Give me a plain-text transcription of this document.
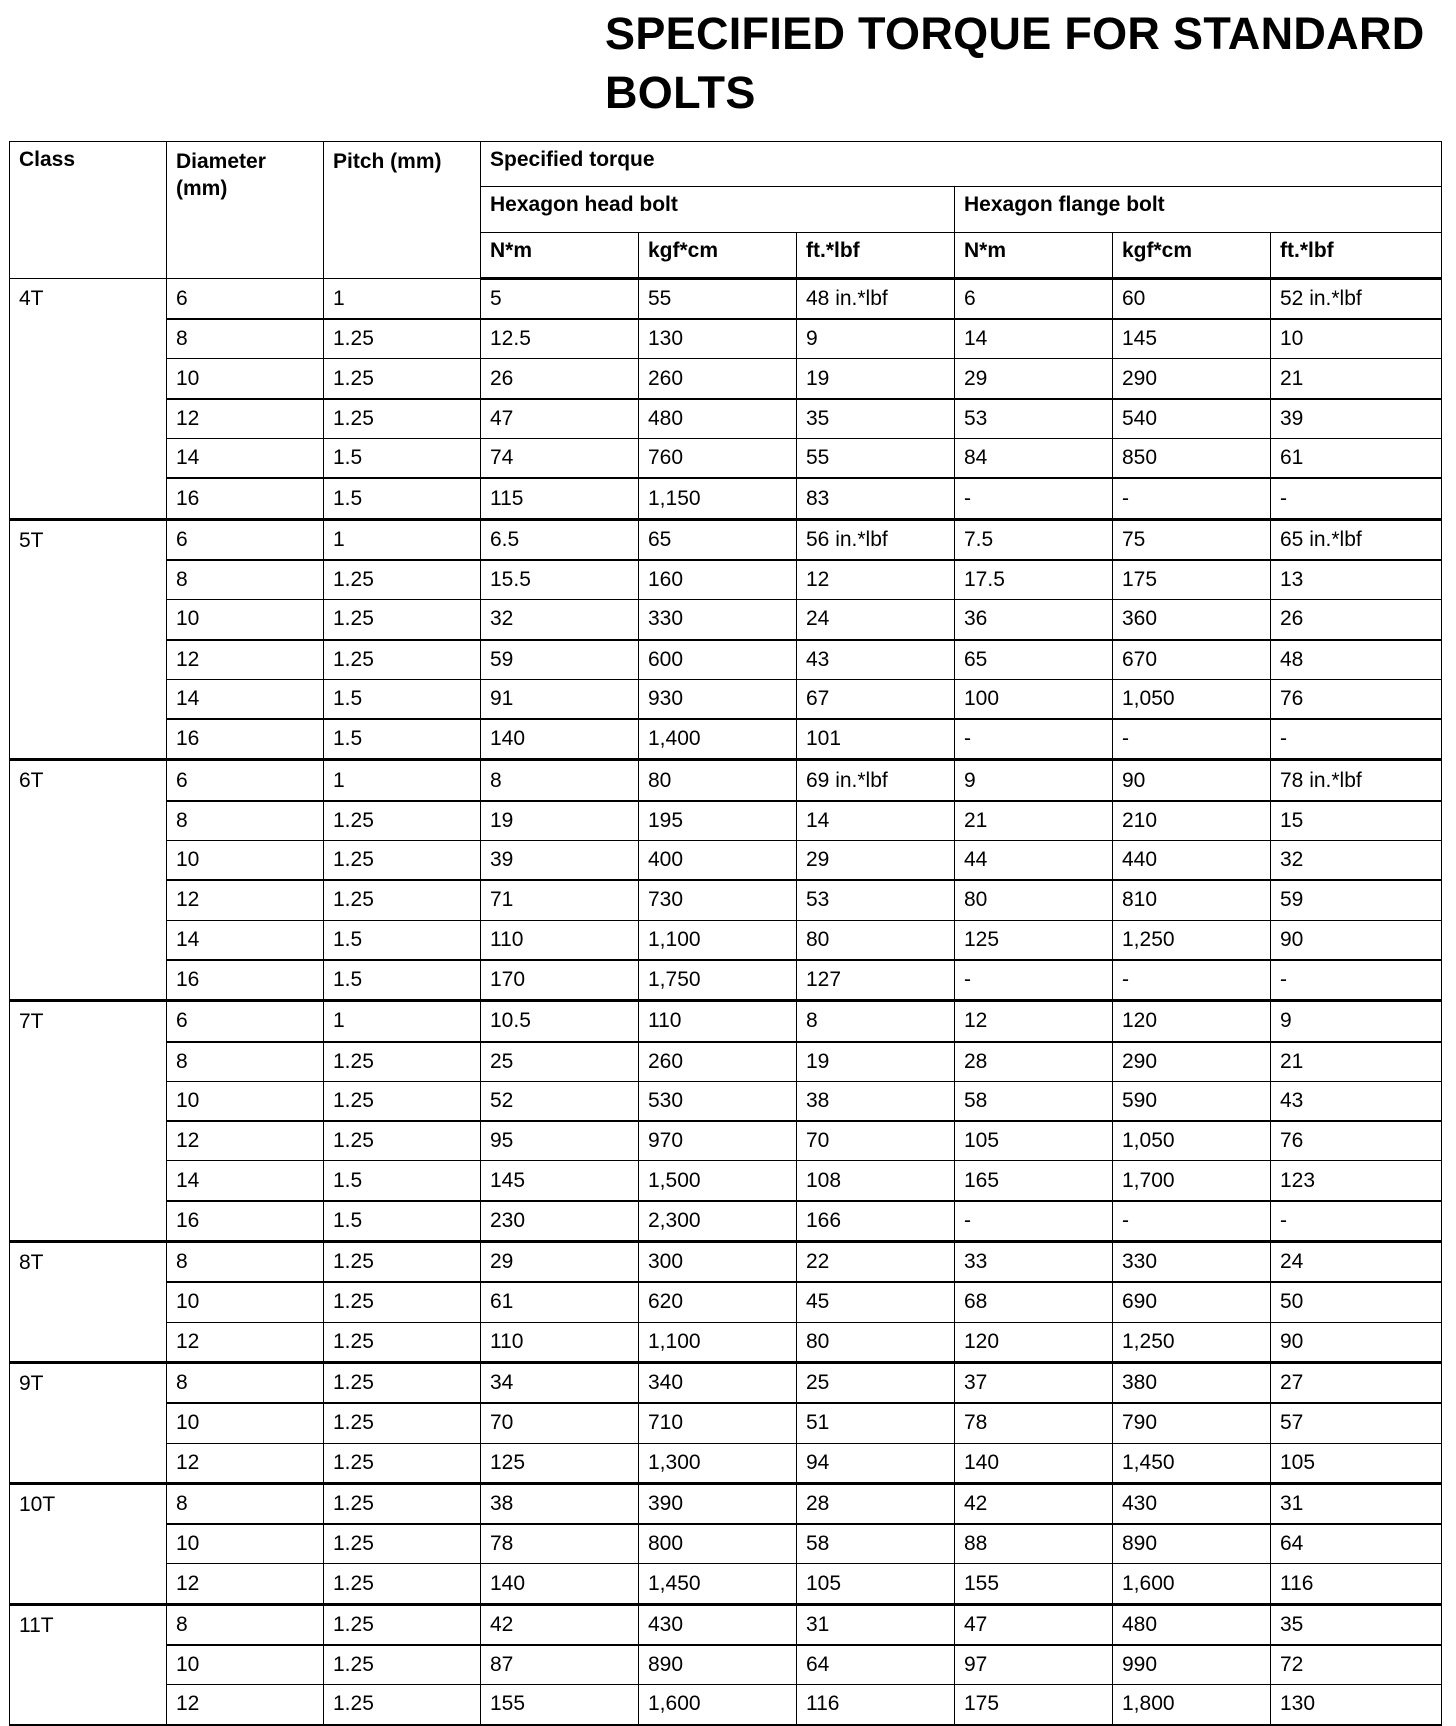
SPECIFIED TORQUE FOR STANDARD BOLTS
Class	Diameter (mm)	Pitch (mm)	Specified torque					
			Hexagon head bolt			Hexagon flange bolt		
			N*m	kgf*cm	ft.*lbf	N*m	kgf*cm	ft.*lbf
4T	6	1	5	55	48 in.*lbf	6	60	52 in.*lbf
	8	1.25	12.5	130	9	14	145	10
	10	1.25	26	260	19	29	290	21
	12	1.25	47	480	35	53	540	39
	14	1.5	74	760	55	84	850	61
	16	1.5	115	1,150	83	-	-	-
5T	6	1	6.5	65	56 in.*lbf	7.5	75	65 in.*lbf
	8	1.25	15.5	160	12	17.5	175	13
	10	1.25	32	330	24	36	360	26
	12	1.25	59	600	43	65	670	48
	14	1.5	91	930	67	100	1,050	76
	16	1.5	140	1,400	101	-	-	-
6T	6	1	8	80	69 in.*lbf	9	90	78 in.*lbf
	8	1.25	19	195	14	21	210	15
	10	1.25	39	400	29	44	440	32
	12	1.25	71	730	53	80	810	59
	14	1.5	110	1,100	80	125	1,250	90
	16	1.5	170	1,750	127	-	-	-
7T	6	1	10.5	110	8	12	120	9
	8	1.25	25	260	19	28	290	21
	10	1.25	52	530	38	58	590	43
	12	1.25	95	970	70	105	1,050	76
	14	1.5	145	1,500	108	165	1,700	123
	16	1.5	230	2,300	166	-	-	-
8T	8	1.25	29	300	22	33	330	24
	10	1.25	61	620	45	68	690	50
	12	1.25	110	1,100	80	120	1,250	90
9T	8	1.25	34	340	25	37	380	27
	10	1.25	70	710	51	78	790	57
	12	1.25	125	1,300	94	140	1,450	105
10T	8	1.25	38	390	28	42	430	31
	10	1.25	78	800	58	88	890	64
	12	1.25	140	1,450	105	155	1,600	116
11T	8	1.25	42	430	31	47	480	35
	10	1.25	87	890	64	97	990	72
	12	1.25	155	1,600	116	175	1,800	130
